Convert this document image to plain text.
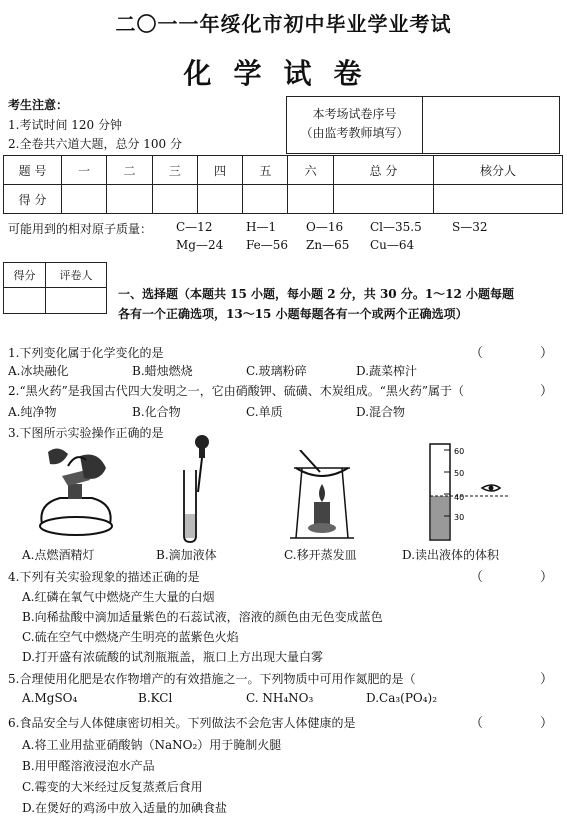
二〇一一年绥化市初中毕业学业考试
化学试卷
考生注意：
1.考试时间 120 分钟
2.全卷共六道大题，总分 100 分
本考场试卷序号
（由监考教师填写）
题 号	一	二	三	四	五	六	总 分	核分人
得 分								
可能用到的相对原子质量： C—12	H—1 O—16 Cl—35.5	S—32
Mg—24 Fe—56 Zn—65 Cu—64
得分	评卷人
一、选择题（本题共 15 小题，每小题 2 分，共 30 分。1～12 小题每题
各有一个正确选项，13～15 小题每题各有一个或两个正确选项）
1.下列变化属于化学变化的是	（	）
A.冰块融化	B.蜡烛燃烧	C.玻璃粉碎	D.蔬菜榨汁
2.“黑火药”是我国古代四大发明之一，它由硝酸钾、硫磺、木炭组成。“黑火药”属于（	）
A.纯净物	B.化合物	C.单质	D.混合物
3.下图所示实验操作正确的是
60
50
40
30
A.点燃酒精灯	B.滴加液体	C.移开蒸发皿	D.读出液体的体积
4.下列有关实验现象的描述正确的是	（	）
A.红磷在氧气中燃烧产生大量的白烟
B.向稀盐酸中滴加适量紫色的石蕊试液，溶液的颜色由无色变成蓝色
C.硫在空气中燃烧产生明亮的蓝紫色火焰
D.打开盛有浓硫酸的试剂瓶瓶盖，瓶口上方出现大量白雾
5.合理使用化肥是农作物增产的有效措施之一。下列物质中可用作氮肥的是（	）
A.MgSO₄	B.KCl	C. NH₄NO₃	D.Ca₃(PO₄)₂
6.食品安全与人体健康密切相关。下列做法不会危害人体健康的是	（	）
A.将工业用盐亚硝酸钠（NaNO₂）用于腌制火腿
B.用甲醛溶液浸泡水产品
C.霉变的大米经过反复蒸煮后食用
D.在煲好的鸡汤中放入适量的加碘食盐
